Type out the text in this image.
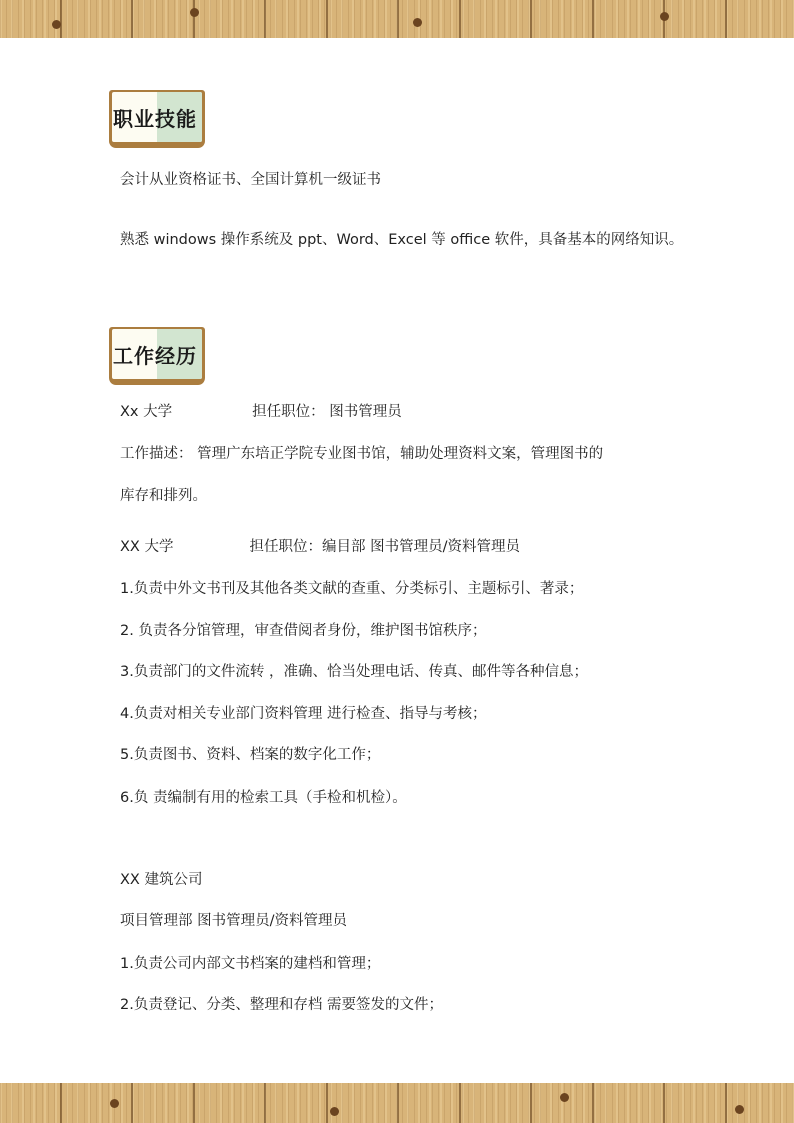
职业技能
会计从业资格证书、全国计算机一级证书
熟悉 windows 操作系统及 ppt、Word、Excel 等 office 软件，具备基本的网络知识。
工作经历
Xx 大学	担任职位： 图书管理员
工作描述： 管理广东培正学院专业图书馆，辅助处理资料文案，管理图书的
库存和排列。
XX 大学	担任职位：编目部 图书管理员/资料管理员
1.负责中外文书刊及其他各类文献的查重、分类标引、主题标引、著录；
2. 负责各分馆管理，审查借阅者身份，维护图书馆秩序；
3.负责部门的文件流转 ，准确、恰当处理电话、传真、邮件等各种信息；
4.负责对相关专业部门资料管理 进行检查、指导与考核；
5.负责图书、资料、档案的数字化工作；
6.负 责编制有用的检索工具（手检和机检）。
XX 建筑公司
项目管理部 图书管理员/资料管理员
1.负责公司内部文书档案的建档和管理；
2.负责登记、分类、整理和存档 需要签发的文件；
